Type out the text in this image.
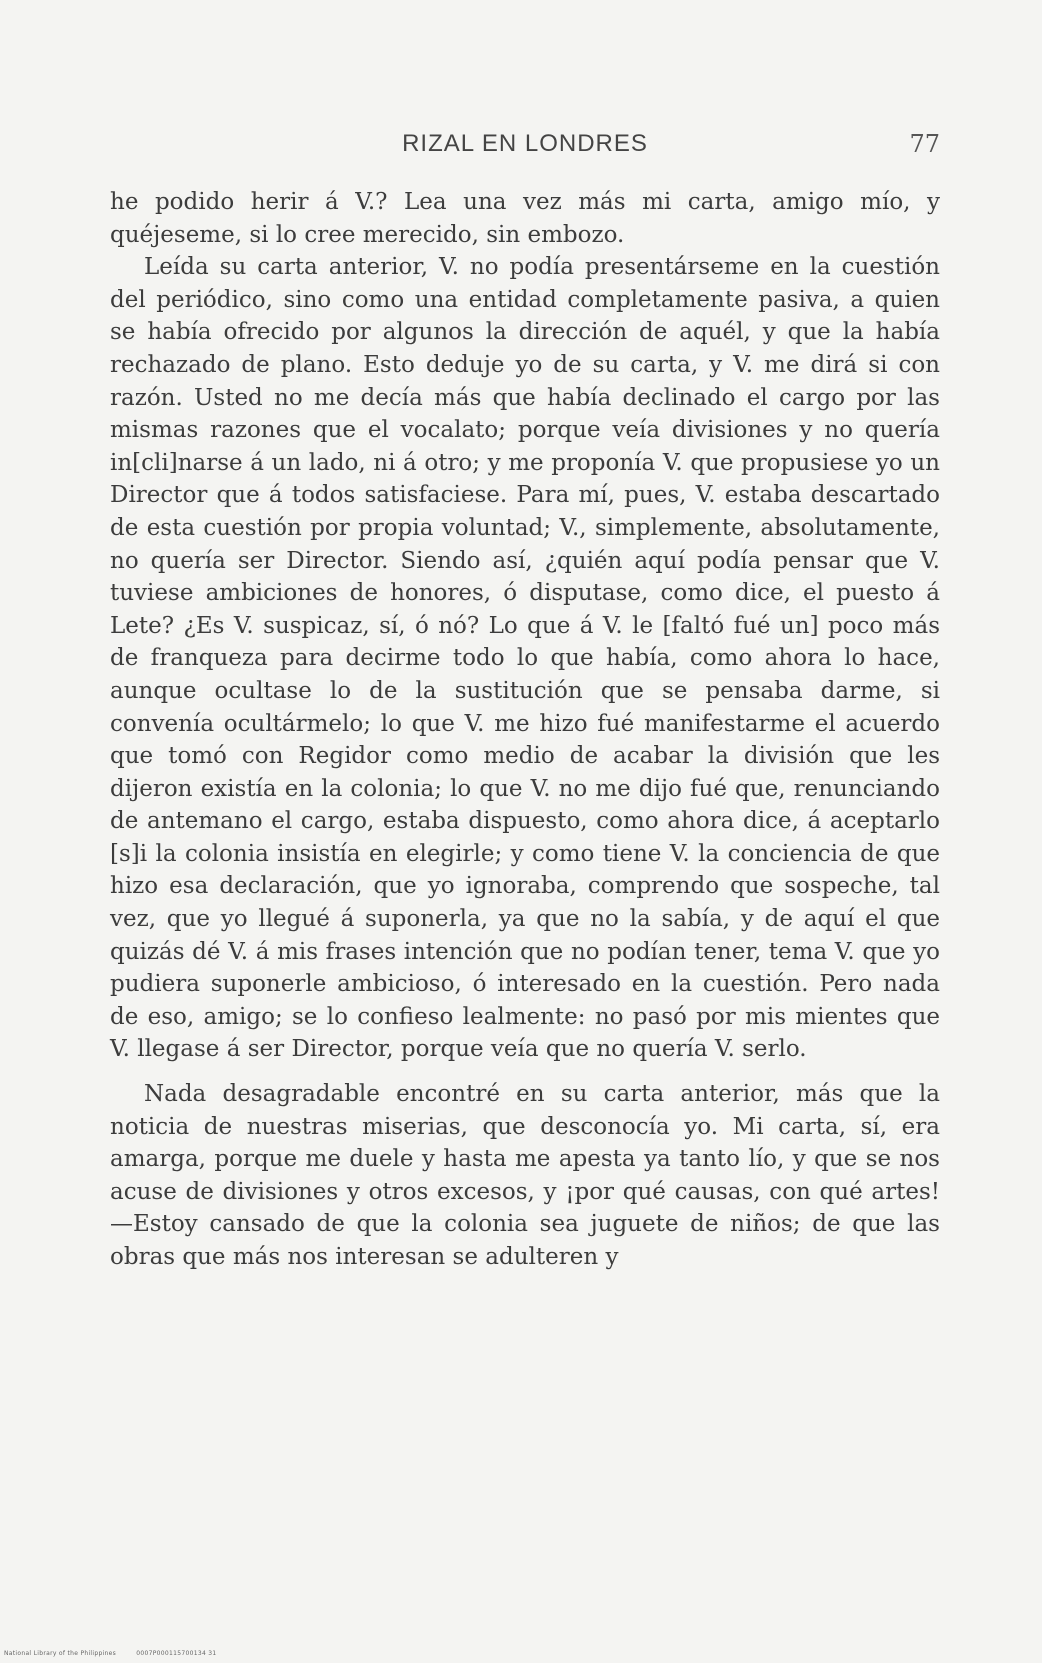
RIZAL EN LONDRES	77

he podido herir á V.? Lea una vez más mi carta, amigo mío, y quéjeseme, si lo cree merecido, sin embozo.

Leída su carta anterior, V. no podía presentárseme en la cuestión del periódico, sino como una entidad completamente pasiva, a quien se había ofrecido por algunos la dirección de aquél, y que la había rechazado de plano. Esto deduje yo de su carta, y V. me dirá si con razón. Usted no me decía más que había declinado el cargo por las mismas razones que el vocalato; porque veía divisiones y no quería in[cli]narse á un lado, ni á otro; y me proponía V. que propusiese yo un Director que á todos satisfaciese. Para mí, pues, V. estaba descartado de esta cuestión por propia voluntad; V., simplemente, absolutamente, no quería ser Director. Siendo así, ¿quién aquí podía pensar que V. tuviese ambiciones de honores, ó disputase, como dice, el puesto á Lete? ¿Es V. suspicaz, sí, ó nó? Lo que á V. le [faltó fué un] poco más de franqueza para decirme todo lo que había, como ahora lo hace, aunque ocultase lo de la sustitución que se pensaba darme, si convenía ocultármelo; lo que V. me hizo fué manifestarme el acuerdo que tomó con Regidor como medio de acabar la división que les dijeron existía en la colonia; lo que V. no me dijo fué que, renunciando de antemano el cargo, estaba dispuesto, como ahora dice, á aceptarlo [s]i la colonia insistía en elegirle; y como tiene V. la conciencia de que hizo esa declaración, que yo ignoraba, comprendo que sospeche, tal vez, que yo llegué á suponerla, ya que no la sabía, y de aquí el que quizás dé V. á mis frases intención que no podían tener, tema V. que yo pudiera suponerle ambicioso, ó interesado en la cuestión. Pero nada de eso, amigo; se lo confieso lealmente: no pasó por mis mientes que V. llegase á ser Director, porque veía que no quería V. serlo.

Nada desagradable encontré en su carta anterior, más que la noticia de nuestras miserias, que desconocía yo. Mi carta, sí, era amarga, porque me duele y hasta me apesta ya tanto lío, y que se nos acuse de divisiones y otros excesos, y ¡por qué causas, con qué artes!—Estoy cansado de que la colonia sea juguete de niños; de que las obras que más nos interesan se adulteren y

National Library of the Philippines	0007P000115700134 31
